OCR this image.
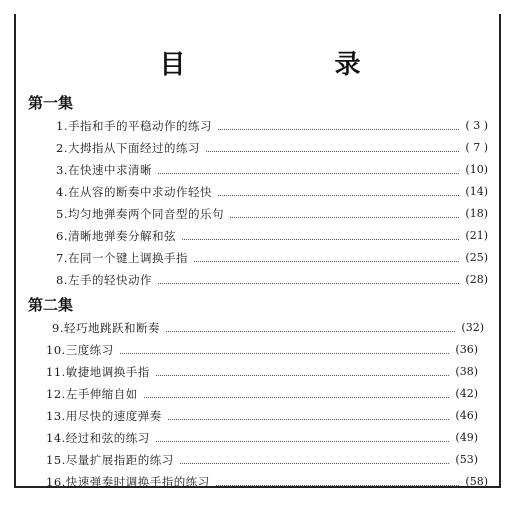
目 录
第一集
1.手指和手的平稳动作的练习	( 3 )
2.大拇指从下面经过的练习	( 7 )
3.在快速中求清晰	(10)
4.在从容的断奏中求动作轻快	(14)
5.均匀地弹奏两个同音型的乐句	(18)
6.清晰地弹奏分解和弦	(21)
7.在同一个键上调换手指	(25)
8.左手的轻快动作	(28)
第二集
9.轻巧地跳跃和断奏	(32)
10.三度练习	(36)
11.敏捷地调换手指	(38)
12.左手伸缩自如	(42)
13.用尽快的速度弹奏	(46)
14.经过和弦的练习	(49)
15.尽量扩展指距的练习	(53)
16.快速弹奏时调换手指的练习	(58)
